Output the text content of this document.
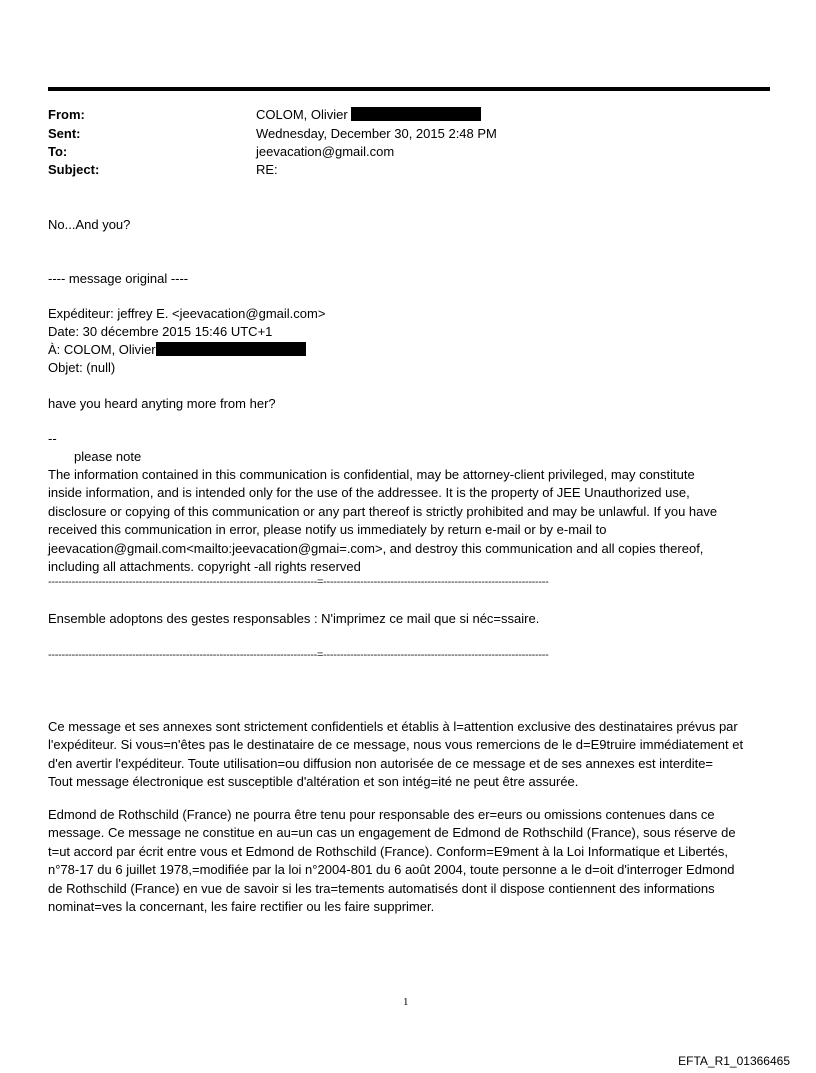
From:	COLOM, Olivier
Sent:	Wednesday, December 30, 2015 2:48 PM
To:	jeevacation@gmail.com
Subject:	RE:
No...And you?
---- message original ----
Expéditeur: jeffrey E. <jeevacation@gmail.com>
Date: 30 décembre 2015 15:46 UTC+1
À: COLOM, Olivier
Objet: (null)
have you heard anyting more from her?
--
please note

The information contained in this communication is confidential, may be attorney-client privileged, may constitute

inside information, and is intended only for the use of the addressee. It is the property of JEE Unauthorized use,

disclosure or copying of this communication or any part thereof is strictly prohibited and may be unlawful. If you have

received this communication in error, please notify us immediately by return e-mail or by e-mail to

jeevacation@gmail.com<mailto:jeevacation@gmai=.com>, and destroy this communication and all copies thereof,

including all attachments. copyright -all rights reserved

--------------------------------------------------------------------------------=-------------------------------------------------------------------
Ensemble adoptons des gestes responsables : N'imprimez ce mail que si néc=ssaire.
--------------------------------------------------------------------------------=-------------------------------------------------------------------

Ce message et ses annexes sont strictement confidentiels et établis à l=attention exclusive des destinataires prévus par

l'expéditeur. Si vous=n'êtes pas le destinataire de ce message, nous vous remercions de le d=E9truire immédiatement et

d'en avertir l'expéditeur. Toute utilisation=ou diffusion non autorisée de ce message et de ses annexes est interdite=

Tout message électronique est susceptible d'altération et son intég=ité ne peut être assurée.

Edmond de Rothschild (France) ne pourra être tenu pour responsable des er=eurs ou omissions contenues dans ce

message. Ce message ne constitue en au=un cas un engagement de Edmond de Rothschild (France), sous réserve de

t=ut accord par écrit entre vous et Edmond de Rothschild (France). Conform=E9ment à la Loi Informatique et Libertés,

n°78-17 du 6 juillet 1978,=modifiée par la loi n°2004-801 du 6 août 2004, toute personne a le d=oit d'interroger Edmond

de Rothschild (France) en vue de savoir si les tra=tements automatisés dont il dispose contiennent des informations

nominat=ves la concernant, les faire rectifier ou les faire supprimer.

1
EFTA_R1_01366465
